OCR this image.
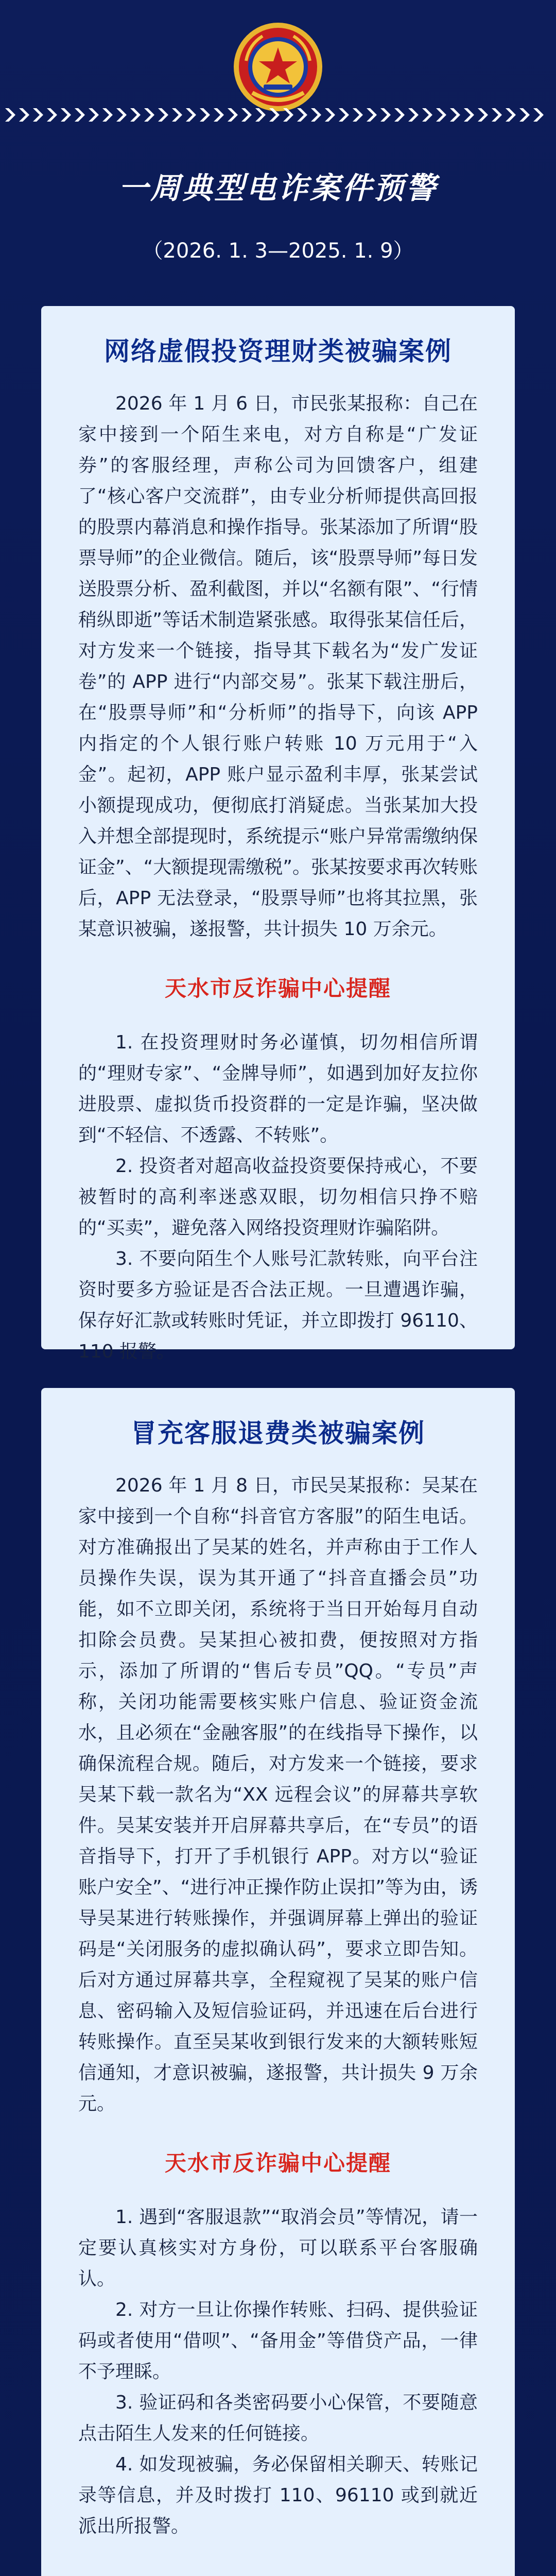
一周典型电诈案件预警
（2026. 1. 3—2025. 1. 9）
网络虚假投资理财类被骗案例

2026 年 1 月 6 日，市民张某报称：自己在家中接到一个陌生来电，对方自称是“广发证券”的客服经理，声称公司为回馈客户，组建了“核心客户交流群”，由专业分析师提供高回报的股票内幕消息和操作指导。张某添加了所谓“股票导师”的企业微信。随后，该“股票导师”每日发送股票分析、盈利截图，并以“名额有限”、“行情稍纵即逝”等话术制造紧张感。取得张某信任后，对方发来一个链接，指导其下载名为“发广发证卷”的 APP 进行“内部交易”。张某下载注册后，在“股票导师”和“分析师”的指导下，向该 APP 内指定的个人银行账户转账 10 万元用于“入金”。起初，APP 账户显示盈利丰厚，张某尝试小额提现成功，便彻底打消疑虑。当张某加大投入并想全部提现时，系统提示“账户异常需缴纳保证金”、“大额提现需缴税”。张某按要求再次转账后，APP 无法登录，“股票导师”也将其拉黑，张某意识被骗，遂报警，共计损失 10 万余元。

天水市反诈骗中心提醒

1. 在投资理财时务必谨慎，切勿相信所谓的“理财专家”、“金牌导师”，如遇到加好友拉你进股票、虚拟货币投资群的一定是诈骗，坚决做到“不轻信、不透露、不转账”。

2. 投资者对超高收益投资要保持戒心，不要被暂时的高利率迷惑双眼，切勿相信只挣不赔的“买卖”，避免落入网络投资理财诈骗陷阱。

3. 不要向陌生个人账号汇款转账，向平台注资时要多方验证是否合法正规。一旦遭遇诈骗，保存好汇款或转账时凭证，并立即拨打 96110、110 报警。

冒充客服退费类被骗案例

2026 年 1 月 8 日，市民吴某报称：吴某在家中接到一个自称“抖音官方客服”的陌生电话。对方准确报出了吴某的姓名，并声称由于工作人员操作失误，误为其开通了“抖音直播会员”功能，如不立即关闭，系统将于当日开始每月自动扣除会员费。吴某担心被扣费，便按照对方指示，添加了所谓的“售后专员”QQ。“专员”声称，关闭功能需要核实账户信息、验证资金流水，且必须在“金融客服”的在线指导下操作，以确保流程合规。随后，对方发来一个链接，要求吴某下载一款名为“XX 远程会议”的屏幕共享软件。吴某安装并开启屏幕共享后，在“专员”的语音指导下，打开了手机银行 APP。对方以“验证账户安全”、“进行冲正操作防止误扣”等为由，诱导吴某进行转账操作，并强调屏幕上弹出的验证码是“关闭服务的虚拟确认码”，要求立即告知。后对方通过屏幕共享，全程窥视了吴某的账户信息、密码输入及短信验证码，并迅速在后台进行转账操作。直至吴某收到银行发来的大额转账短信通知，才意识被骗，遂报警，共计损失 9 万余元。

天水市反诈骗中心提醒

1. 遇到“客服退款”“取消会员”等情况，请一定要认真核实对方身份，可以联系平台客服确认。

2. 对方一旦让你操作转账、扫码、提供验证码或者使用“借呗”、“备用金”等借贷产品，一律不予理睬。

3. 验证码和各类密码要小心保管，不要随意点击陌生人发来的任何链接。

4. 如发现被骗，务必保留相关聊天、转账记录等信息，并及时拨打 110、96110 或到就近派出所报警。
